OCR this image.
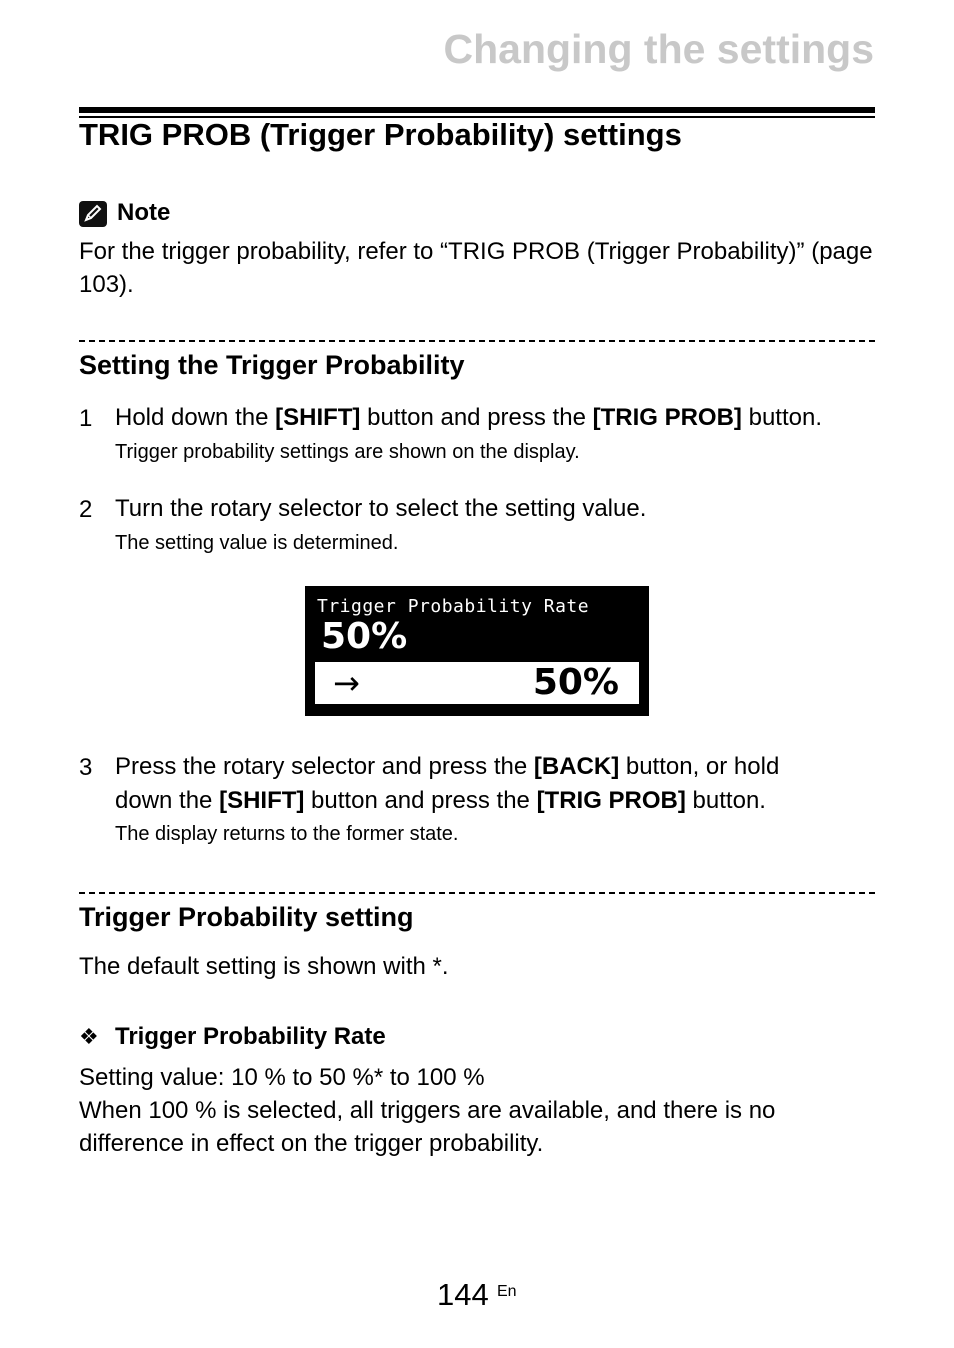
Changing the settings
TRIG PROB (Trigger Probability) settings
Note
For the trigger probability, refer to “TRIG PROB (Trigger Probability)” (page 103).
Setting the Trigger Probability
1 Hold down the [SHIFT] button and press the [TRIG PROB] button.
Trigger probability settings are shown on the display.
2 Turn the rotary selector to select the setting value.
The setting value is determined.
Trigger Probability Rate
50%
→	50%
3 Press the rotary selector and press the [BACK] button, or hold
down the [SHIFT] button and press the [TRIG PROB] button.
The display returns to the former state.
Trigger Probability setting
The default setting is shown with *.
❖ Trigger Probability Rate
Setting value: 10 % to 50 %* to 100 %
When 100 % is selected, all triggers are available, and there is no
difference in effect on the trigger probability.
144 En
